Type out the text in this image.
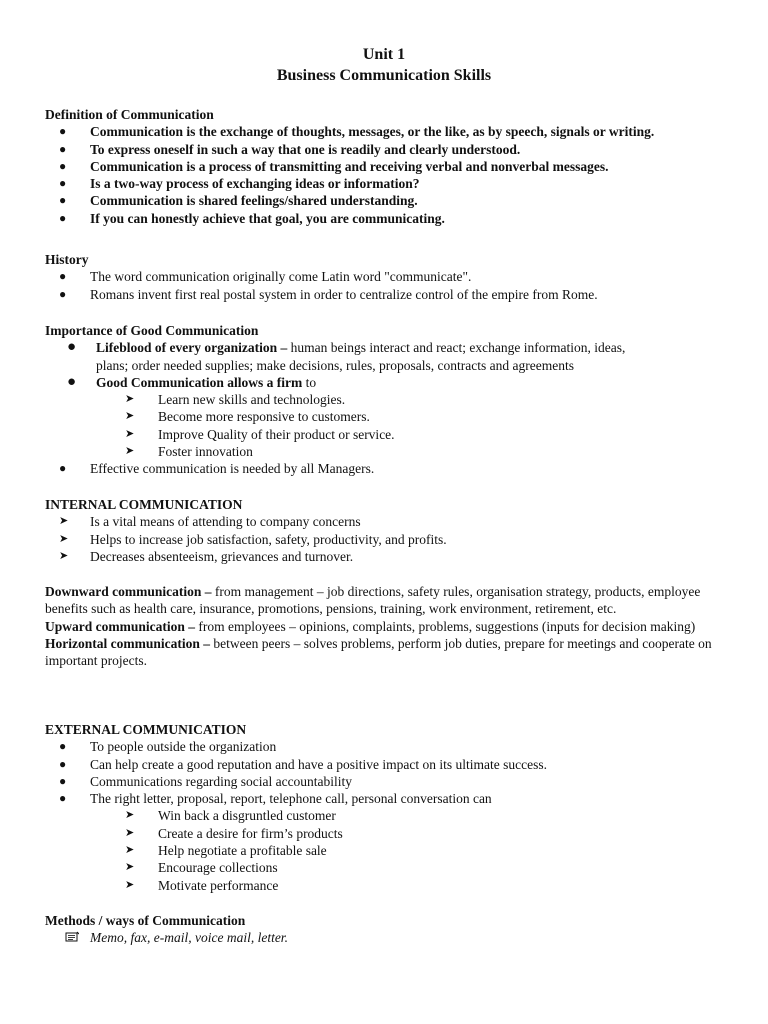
Unit 1
Business Communication Skills
Definition of Communication
● Communication is the exchange of thoughts, messages, or the like, as by speech, signals or writing.
● To express oneself in such a way that one is readily and clearly understood.
● Communication is a process of transmitting and receiving verbal and nonverbal messages.
● Is a two-way process of exchanging ideas or information?
● Communication is shared feelings/shared understanding.
● If you can honestly achieve that goal, you are communicating.
History
● The word communication originally come Latin word "communicate".
● Romans invent first real postal system in order to centralize control of the empire from Rome.
Importance of Good Communication
● Lifeblood of every organization – human beings interact and react; exchange information, ideas,
plans; order needed supplies; make decisions, rules, proposals, contracts and agreements
● Good Communication allows a firm to
➤ Learn new skills and technologies.
➤ Become more responsive to customers.
➤ Improve Quality of their product or service.
➤ Foster innovation
● Effective communication is needed by all Managers.
INTERNAL COMMUNICATION
➤ Is a vital means of attending to company concerns
➤ Helps to increase job satisfaction, safety, productivity, and profits.
➤ Decreases absenteeism, grievances and turnover.
Downward communication – from management – job directions, safety rules, organisation strategy, products, employee benefits such as health care, insurance, promotions, pensions, training, work environment, retirement, etc.
Upward communication – from employees – opinions, complaints, problems, suggestions (inputs for decision making)
Horizontal communication – between peers – solves problems, perform job duties, prepare for meetings and cooperate on important projects.
EXTERNAL COMMUNICATION
● To people outside the organization
● Can help create a good reputation and have a positive impact on its ultimate success.
● Communications regarding social accountability
● The right letter, proposal, report, telephone call, personal conversation can
➤ Win back a disgruntled customer
➤ Create a desire for firm’s products
➤ Help negotiate a profitable sale
➤ Encourage collections
➤ Motivate performance
Methods / ways of Communication
Memo, fax, e-mail, voice mail, letter.
